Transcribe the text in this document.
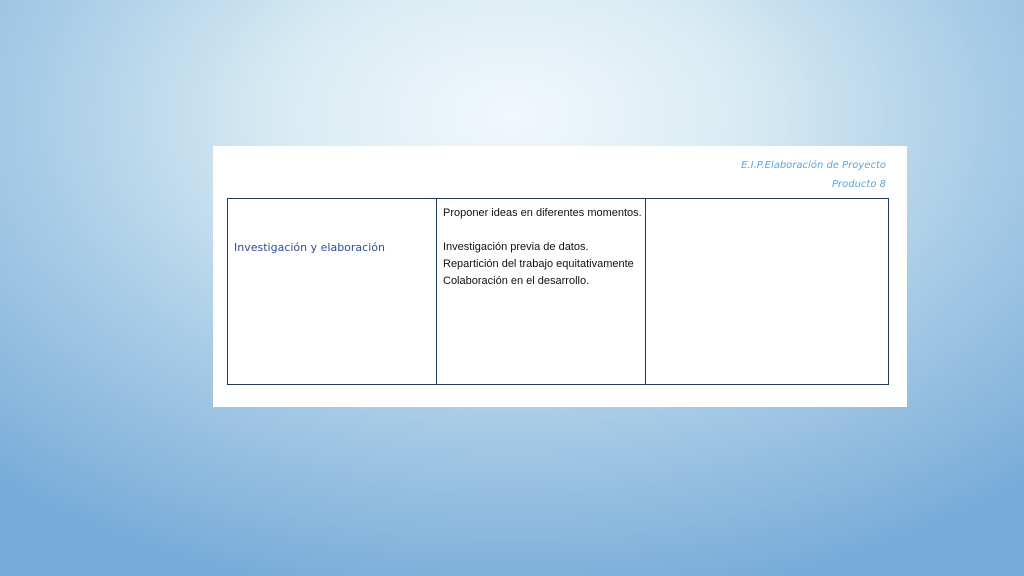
E.I.P.Elaboración de Proyecto
Producto 8
Investigación y elaboración
Proponer ideas en diferentes momentos.
Investigación previa de datos.
Repartición del trabajo equitativamente
Colaboración en el desarrollo.
